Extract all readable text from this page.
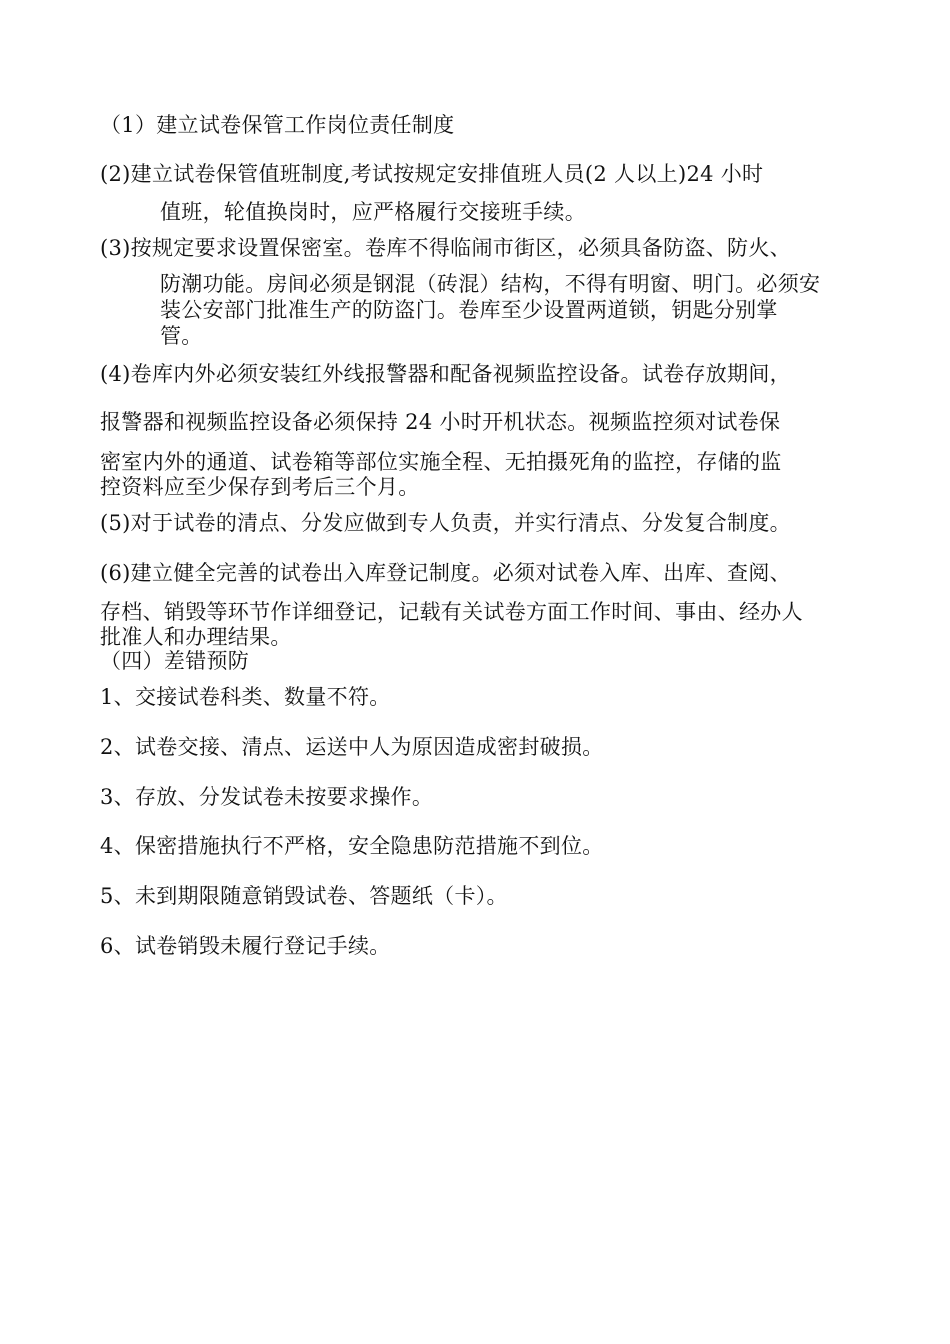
（1）建立试卷保管工作岗位责任制度

(2)建立试卷保管值班制度,考试按规定安排值班人员(2 人以上)24 小时

值班，轮值换岗时，应严格履行交接班手续。

(3)按规定要求设置保密室。卷库不得临闹市街区，必须具备防盗、防火、

防潮功能。房间必须是钢混（砖混）结构，不得有明窗、明门。必须安

装公安部门批准生产的防盗门。卷库至少设置两道锁，钥匙分别掌

管。

(4)卷库内外必须安装红外线报警器和配备视频监控设备。试卷存放期间，

报警器和视频监控设备必须保持 24 小时开机状态。视频监控须对试卷保

密室内外的通道、试卷箱等部位实施全程、无拍摄死角的监控，存储的监

控资料应至少保存到考后三个月。

(5)对于试卷的清点、分发应做到专人负责，并实行清点、分发复合制度。

(6)建立健全完善的试卷出入库登记制度。必须对试卷入库、出库、查阅、

存档、销毁等环节作详细登记，记载有关试卷方面工作时间、事由、经办人

批准人和办理结果。

（四）差错预防

1、交接试卷科类、数量不符。

2、试卷交接、清点、运送中人为原因造成密封破损。

3、存放、分发试卷未按要求操作。

4、保密措施执行不严格，安全隐患防范措施不到位。

5、未到期限随意销毁试卷、答题纸（卡）。

6、试卷销毁未履行登记手续。
